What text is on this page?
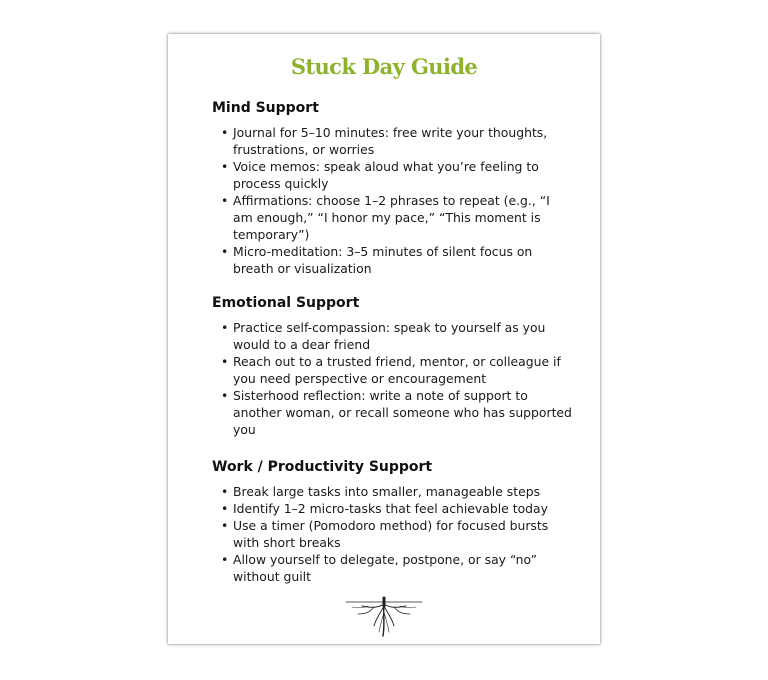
Stuck Day Guide
Mind Support
• Journal for 5–10 minutes: free write your thoughts, frustrations, or worries
• Voice memos: speak aloud what you’re feeling to process quickly
• Affirmations: choose 1–2 phrases to repeat (e.g., “I am enough,” “I honor my pace,” “This moment is temporary”)
• Micro-meditation: 3–5 minutes of silent focus on breath or visualization
Emotional Support
• Practice self-compassion: speak to yourself as you would to a dear friend
• Reach out to a trusted friend, mentor, or colleague if you need perspective or encouragement
• Sisterhood reflection: write a note of support to another woman, or recall someone who has supported you
Work / Productivity Support
• Break large tasks into smaller, manageable steps
• Identify 1–2 micro-tasks that feel achievable today
• Use a timer (Pomodoro method) for focused bursts with short breaks
• Allow yourself to delegate, postpone, or say “no” without guilt
